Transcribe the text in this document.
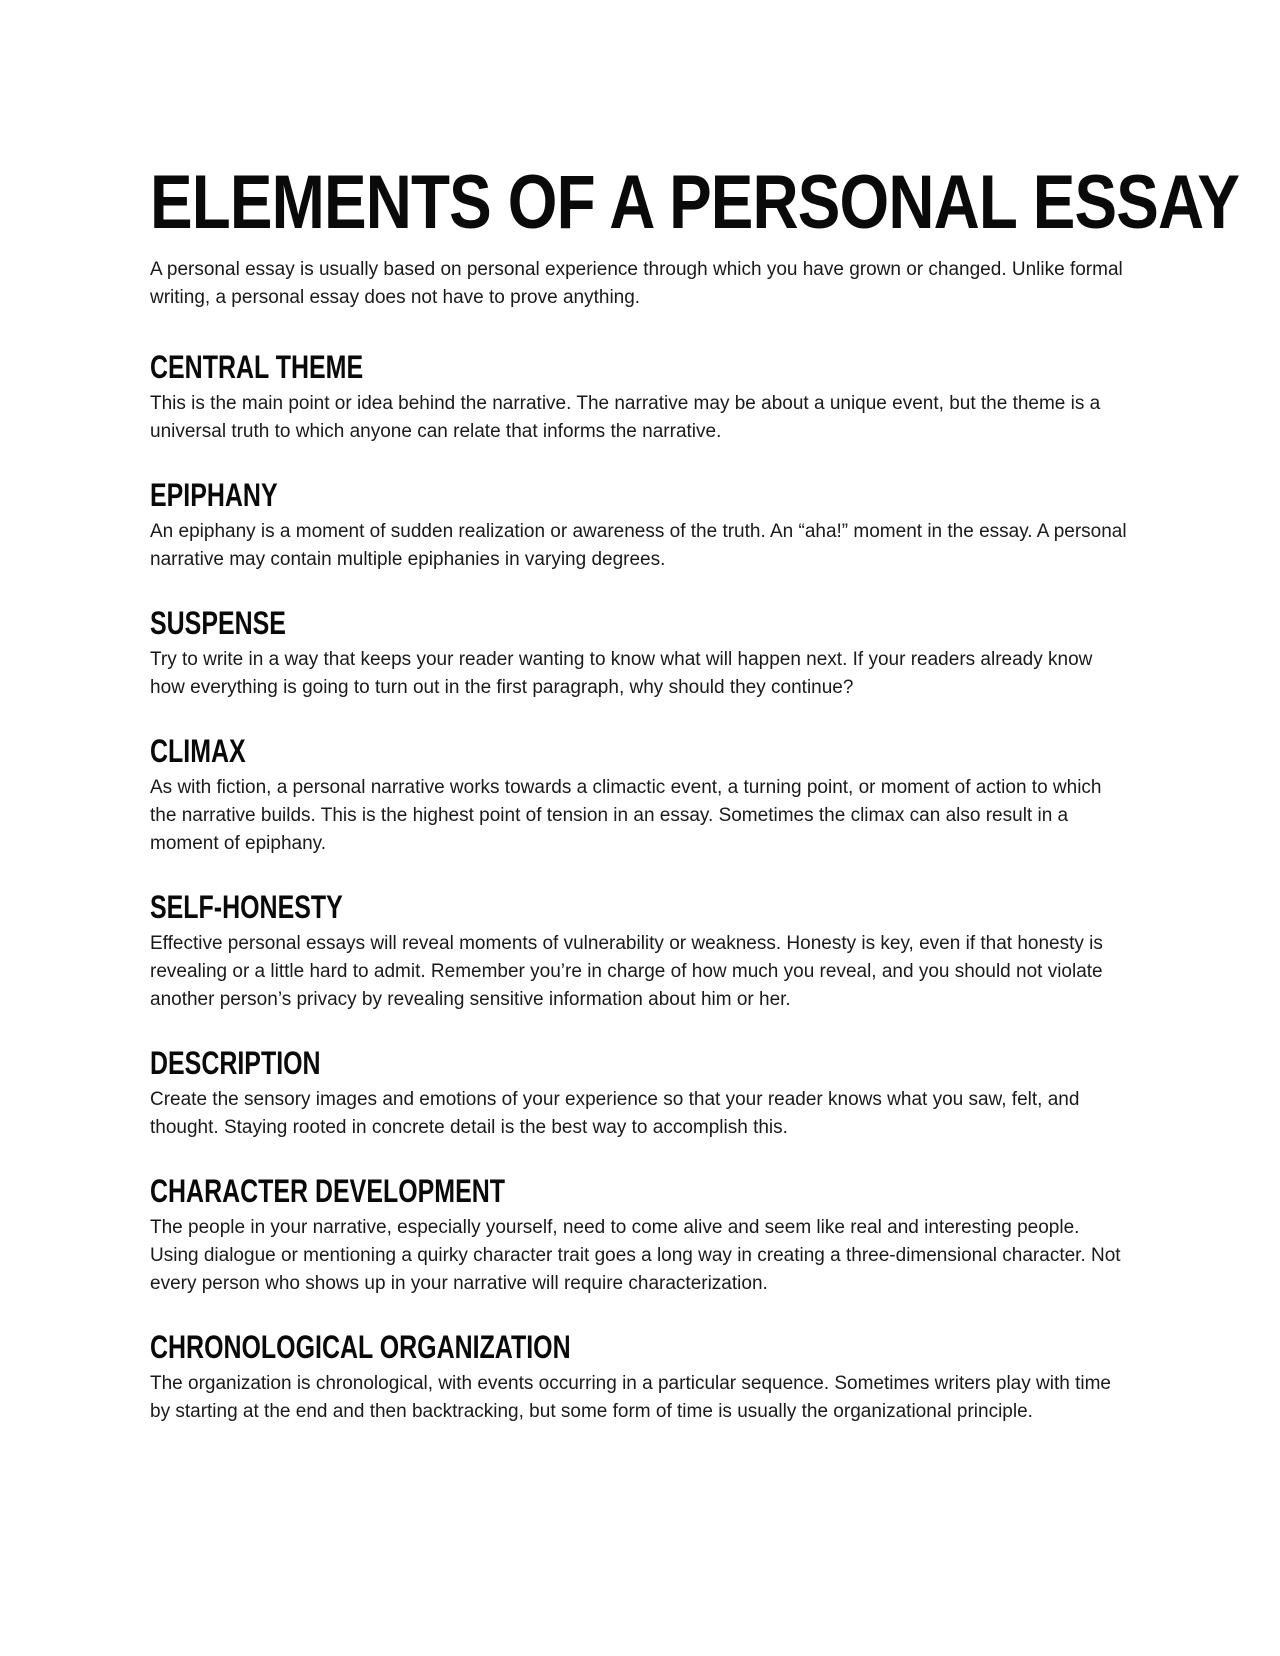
ELEMENTS OF A PERSONAL ESSAY

A personal essay is usually based on personal experience through which you have grown or changed. Unlike formal writing, a personal essay does not have to prove anything.

CENTRAL THEME

This is the main point or idea behind the narrative. The narrative may be about a unique event, but the theme is a universal truth to which anyone can relate that informs the narrative.

EPIPHANY

An epiphany is a moment of sudden realization or awareness of the truth. An “aha!” moment in the essay. A personal narrative may contain multiple epiphanies in varying degrees.

SUSPENSE

Try to write in a way that keeps your reader wanting to know what will happen next. If your readers already know how everything is going to turn out in the first paragraph, why should they continue?

CLIMAX

As with fiction, a personal narrative works towards a climactic event, a turning point, or moment of action to which the narrative builds. This is the highest point of tension in an essay. Sometimes the climax can also result in a moment of epiphany.

SELF-HONESTY

Effective personal essays will reveal moments of vulnerability or weakness. Honesty is key, even if that honesty is revealing or a little hard to admit. Remember you’re in charge of how much you reveal, and you should not violate another person’s privacy by revealing sensitive information about him or her.

DESCRIPTION

Create the sensory images and emotions of your experience so that your reader knows what you saw, felt, and thought. Staying rooted in concrete detail is the best way to accomplish this.

CHARACTER DEVELOPMENT

The people in your narrative, especially yourself, need to come alive and seem like real and interesting people. Using dialogue or mentioning a quirky character trait goes a long way in creating a three-dimensional character. Not every person who shows up in your narrative will require characterization.

CHRONOLOGICAL ORGANIZATION

The organization is chronological, with events occurring in a particular sequence. Sometimes writers play with time by starting at the end and then backtracking, but some form of time is usually the organizational principle.
